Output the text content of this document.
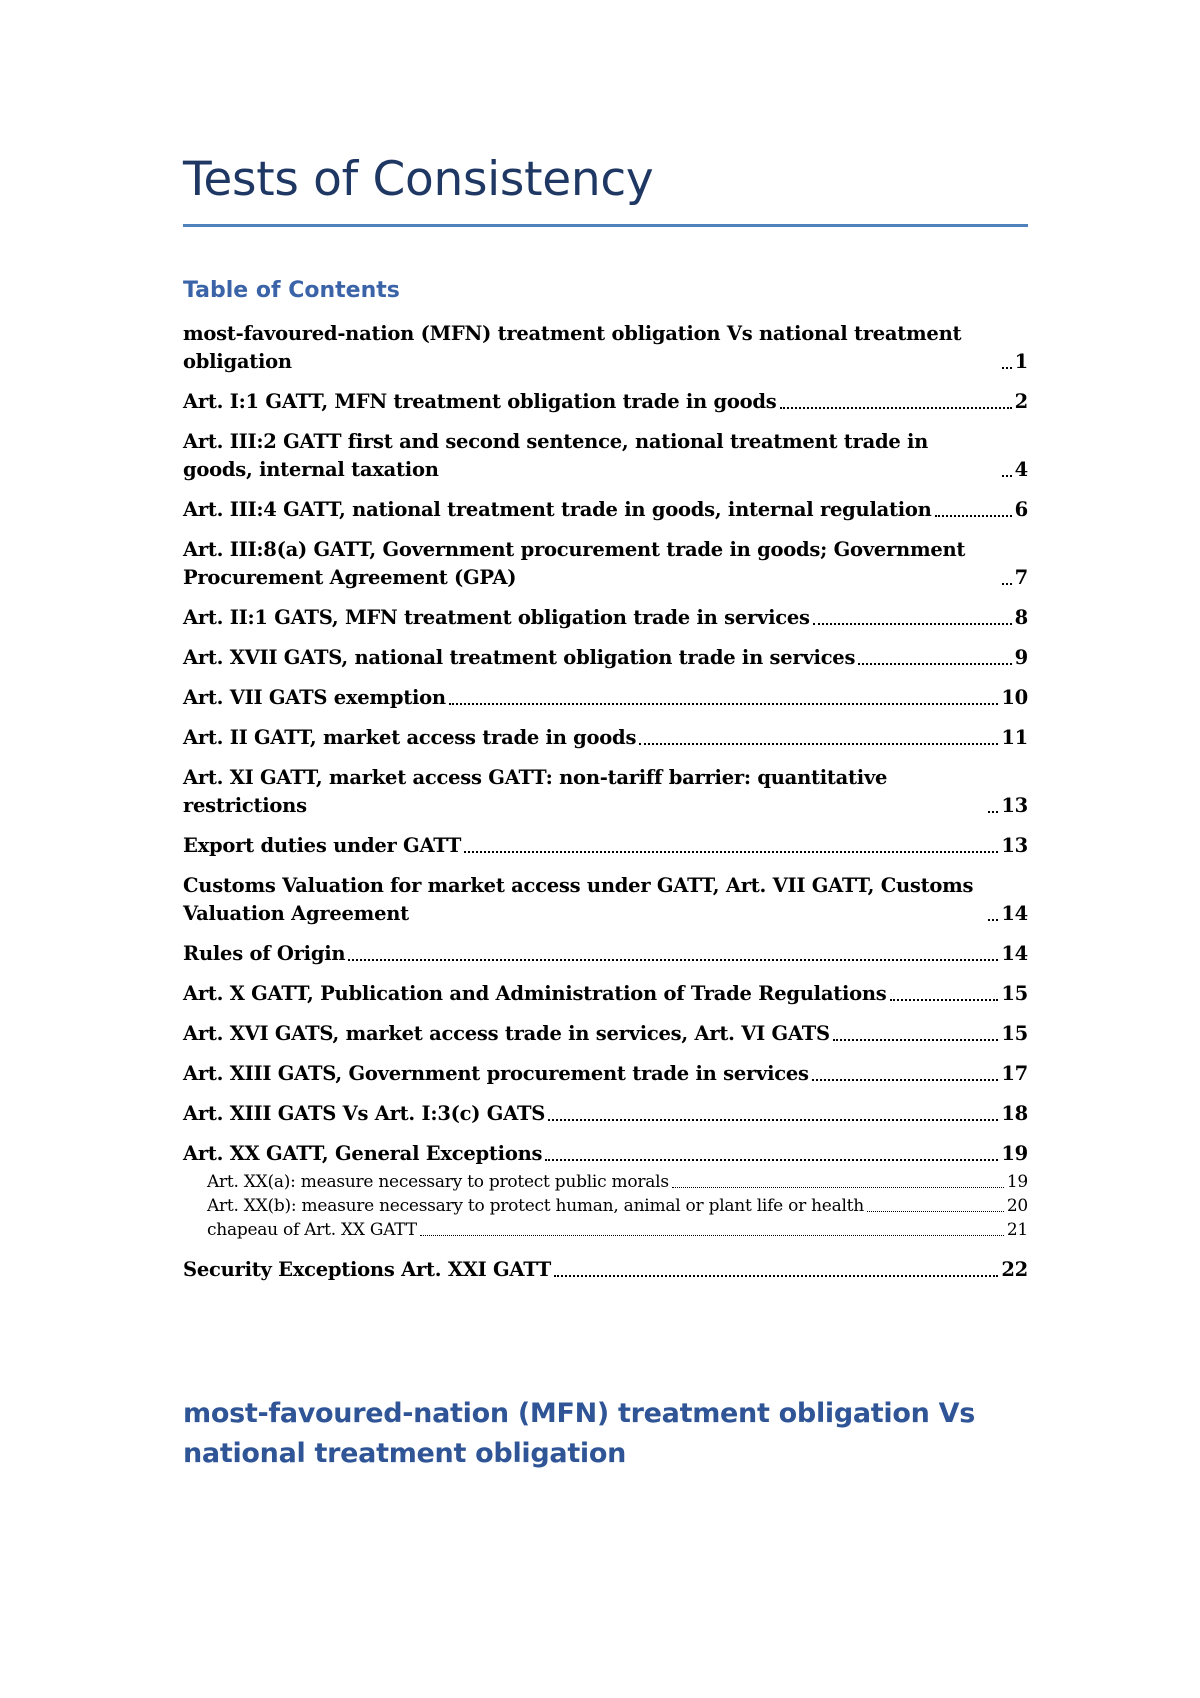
Tests of Consistency
Table of Contents
most-favoured-nation (MFN) treatment obligation Vs national treatment obligation	1
Art. I:1 GATT, MFN treatment obligation trade in goods	2
Art. III:2 GATT first and second sentence, national treatment trade in goods, internal taxation	4
Art. III:4 GATT, national treatment trade in goods, internal regulation	6
Art. III:8(a) GATT, Government procurement trade in goods; Government Procurement Agreement (GPA)	7
Art. II:1 GATS, MFN treatment obligation trade in services	8
Art. XVII GATS, national treatment obligation trade in services	9
Art. VII GATS exemption	10
Art. II GATT, market access trade in goods	11
Art. XI GATT, market access GATT: non-tariff barrier: quantitative restrictions	13
Export duties under GATT	13
Customs Valuation for market access under GATT, Art. VII GATT, Customs Valuation Agreement	14
Rules of Origin	14
Art. X GATT, Publication and Administration of Trade Regulations	15
Art. XVI GATS, market access trade in services, Art. VI GATS	15
Art. XIII GATS, Government procurement trade in services	17
Art. XIII GATS Vs Art. I:3(c) GATS	18
Art. XX GATT, General Exceptions	19
Art. XX(a): measure necessary to protect public morals	19
Art. XX(b): measure necessary to protect human, animal or plant life or health	20
chapeau of Art. XX GATT	21
Security Exceptions Art. XXI GATT	22
most-favoured-nation (MFN) treatment obligation Vs national treatment obligation
